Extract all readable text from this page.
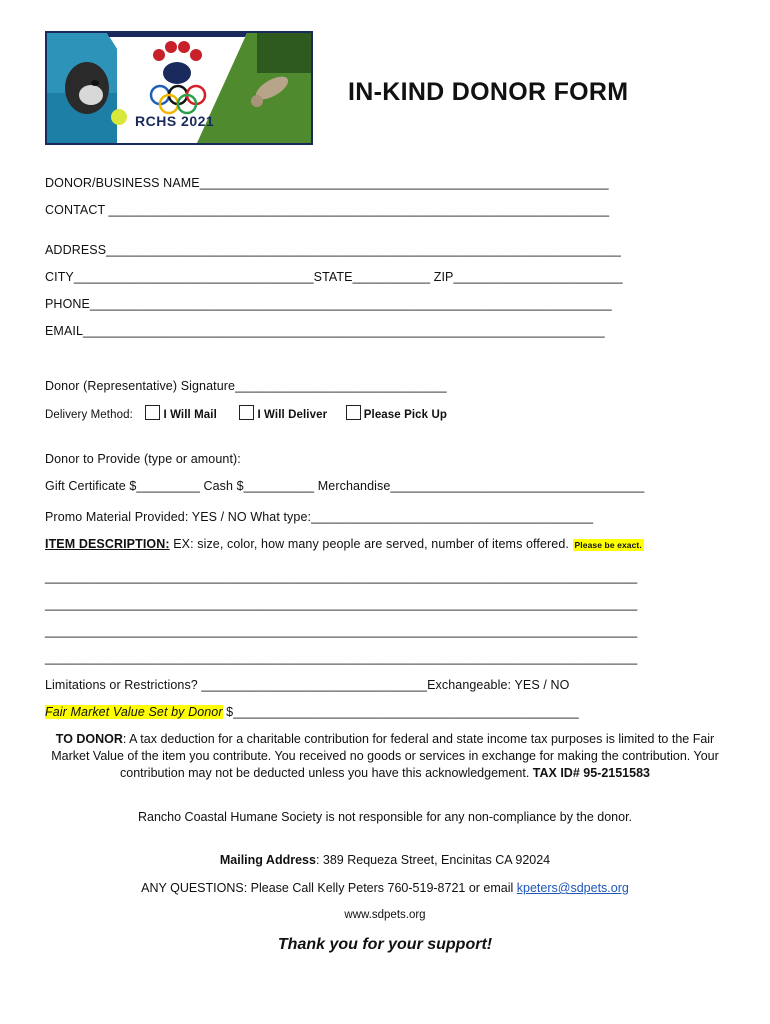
RCHS 2021
IN-KIND DONOR FORM
DONOR/BUSINESS NAME__________________________________________________________
CONTACT _______________________________________________________________________
ADDRESS_________________________________________________________________________
CITY__________________________________STATE___________ ZIP________________________
PHONE__________________________________________________________________________
EMAIL__________________________________________________________________________
Donor (Representative) Signature______________________________
Delivery Method:	I Will Mail	I Will Deliver	Please Pick Up
Donor to Provide (type or amount):
Gift Certificate $_________ Cash $__________ Merchandise____________________________________
Promo Material Provided: YES / NO What type:________________________________________
ITEM DESCRIPTION: EX: size, color, how many people are served, number of items offered. Please be exact.
____________________________________________________________________________________
____________________________________________________________________________________
____________________________________________________________________________________
____________________________________________________________________________________
Limitations or Restrictions? ________________________________Exchangeable: YES / NO
Fair Market Value Set by Donor $_________________________________________________
TO DONOR: A tax deduction for a charitable contribution for federal and state income tax purposes is limited to the Fair Market Value of the item you contribute. You received no goods or services in exchange for making the contribution. Your contribution may not be deducted unless you have this acknowledgement. TAX ID# 95-2151583
Rancho Coastal Humane Society is not responsible for any non-compliance by the donor.
Mailing Address: 389 Requeza Street, Encinitas CA 92024
ANY QUESTIONS: Please Call Kelly Peters 760-519-8721 or email kpeters@sdpets.org
www.sdpets.org
Thank you for your support!
